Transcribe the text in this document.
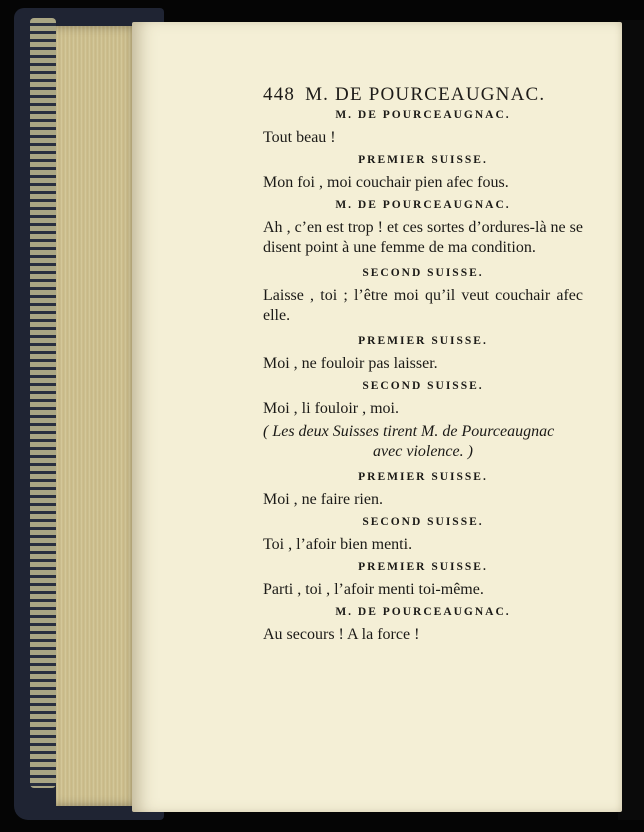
448 M. DE POURCEAUGNAC.
M. DE POURCEAUGNAC.
Tout beau !
PREMIER SUISSE.
Mon foi , moi couchair pien afec fous.
M. DE POURCEAUGNAC.
Ah , c’en est trop ! et ces sortes d’ordures-là ne se disent point à une femme de ma condition.
SECOND SUISSE.
Laisse , toi ; l’être moi qu’il veut couchair afec elle.
PREMIER SUISSE.
Moi , ne fouloir pas laisser.
SECOND SUISSE.
Moi , li fouloir , moi.
( Les deux Suisses tirent M. de Pourceaugnac
avec violence. )
PREMIER SUISSE.
Moi , ne faire rien.
SECOND SUISSE.
Toi , l’afoir bien menti.
PREMIER SUISSE.
Parti , toi , l’afoir menti toi-même.
M. DE POURCEAUGNAC.
Au secours ! A la force !
